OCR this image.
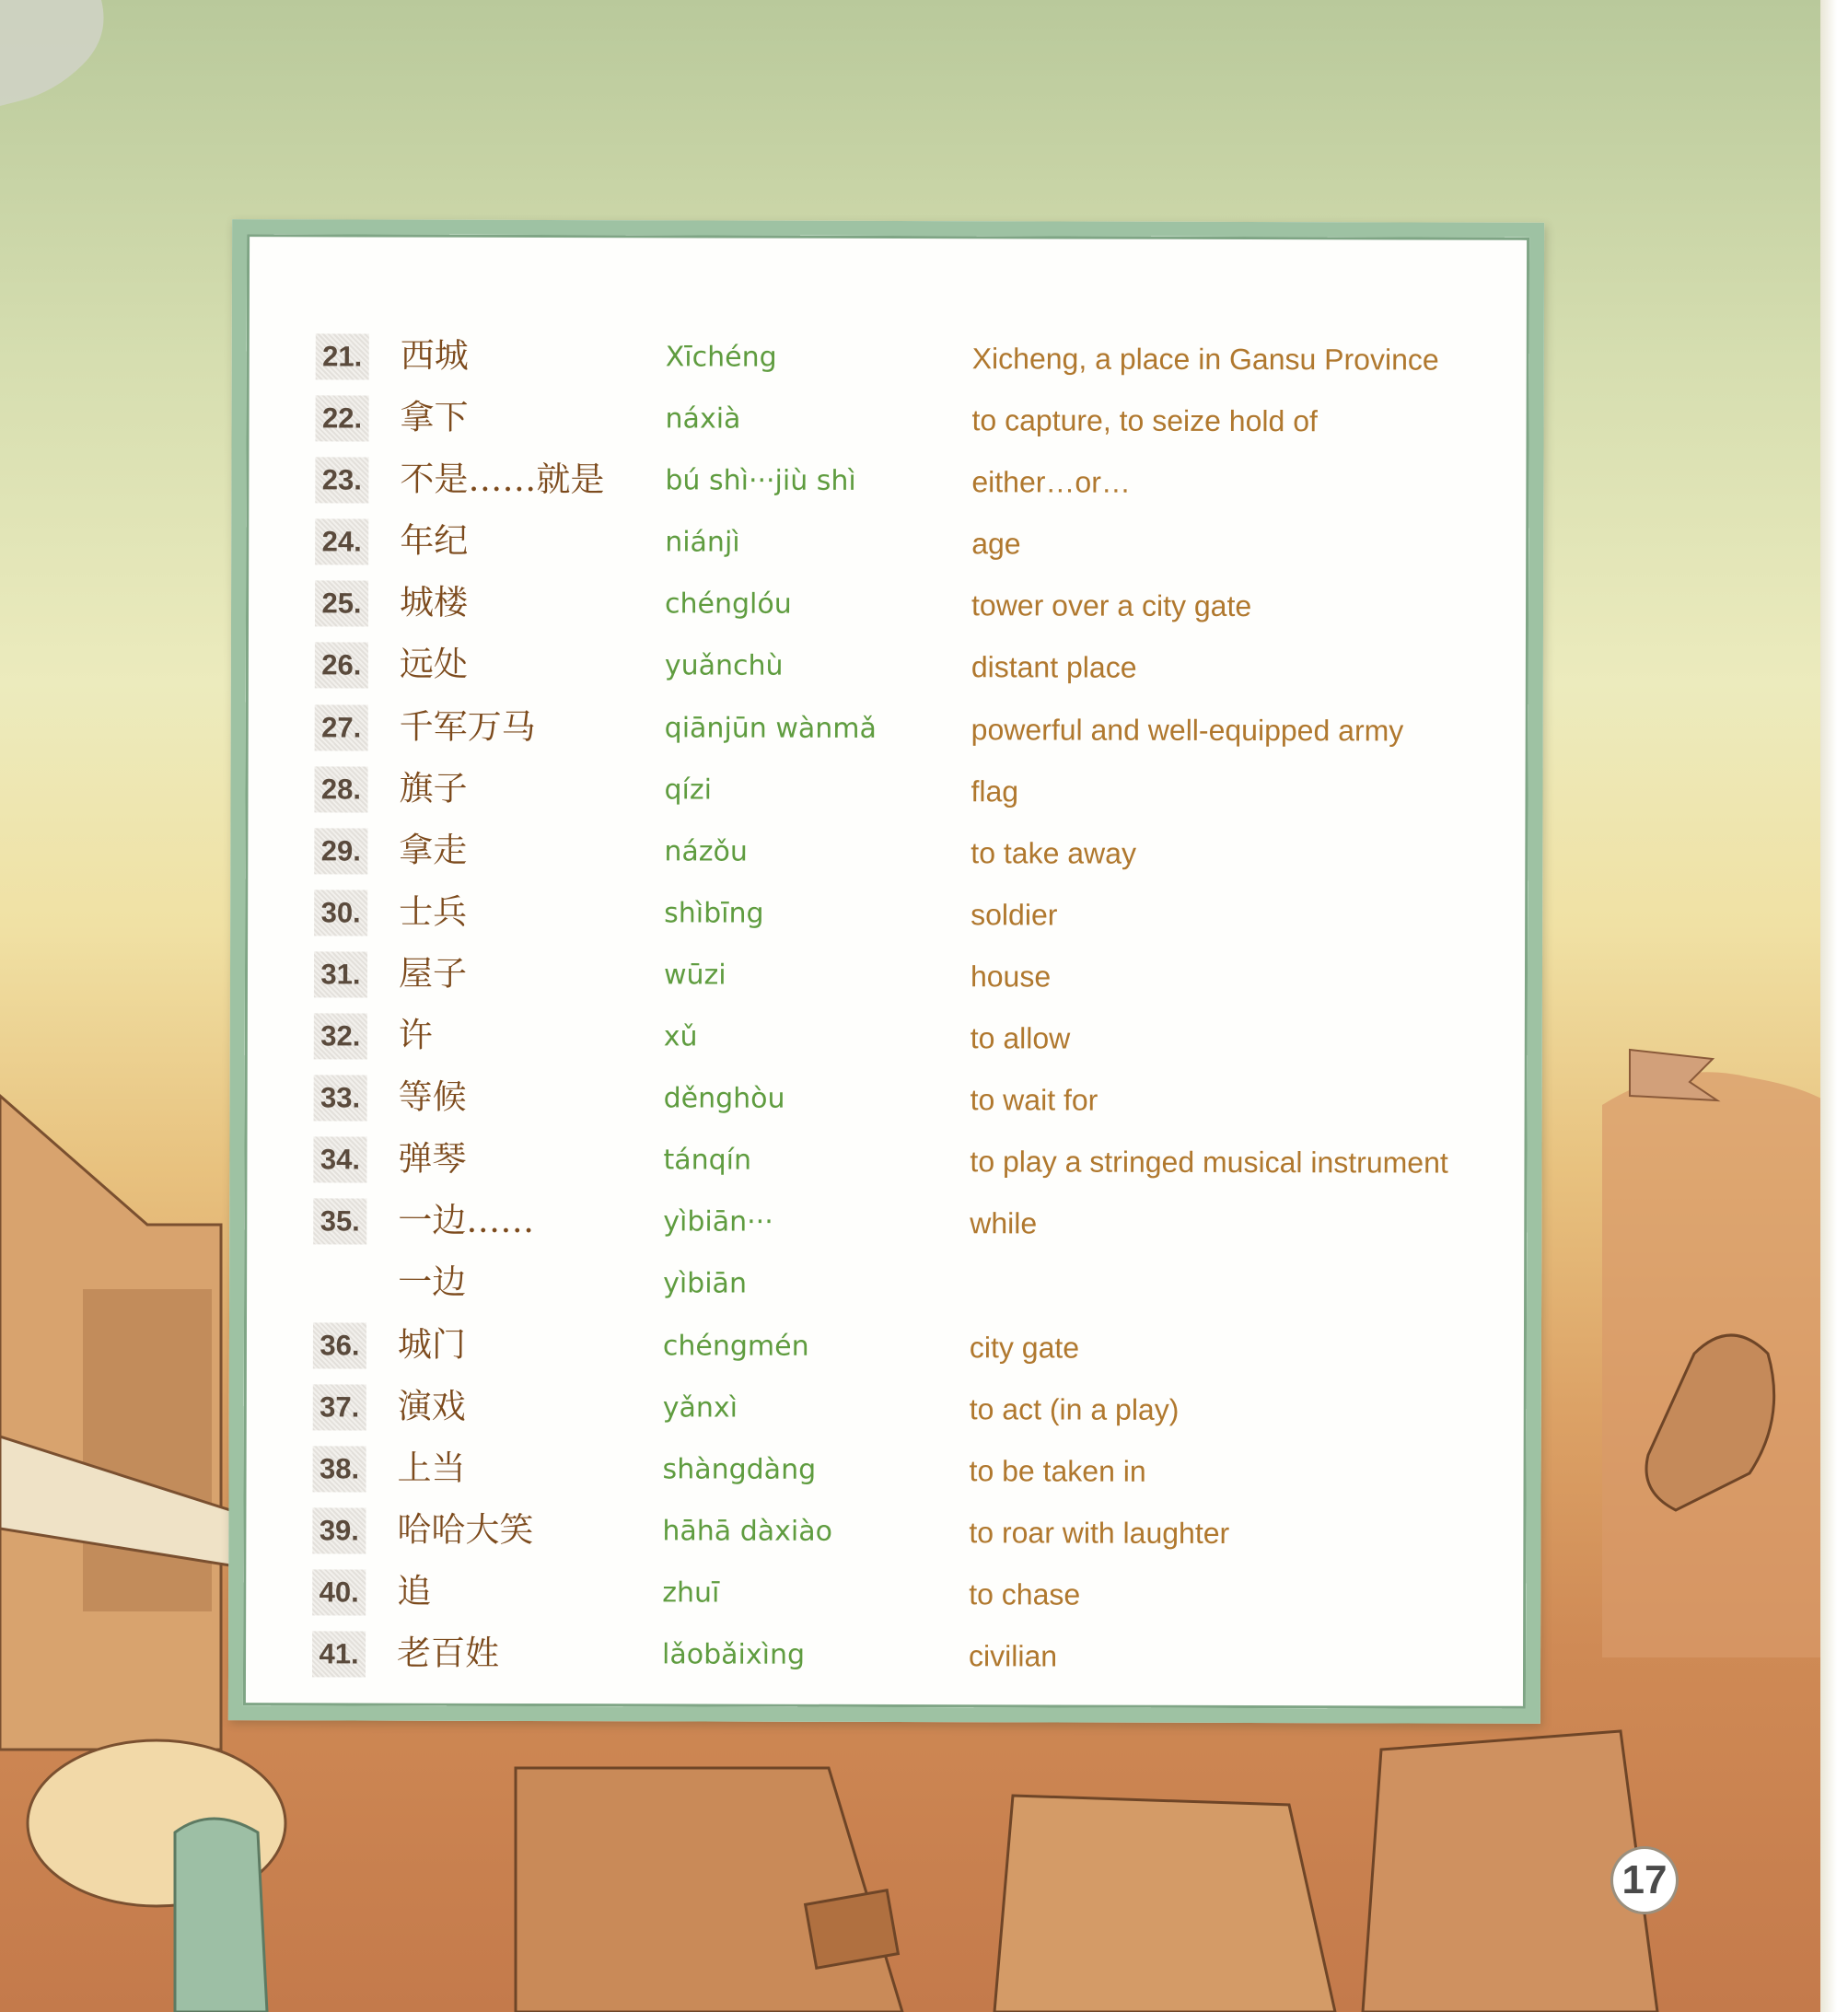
21. 西城	Xīchéng	Xicheng, a place in Gansu Province
22. 拿下	náxià	to capture, to seize hold of
23. 不是……就是 bú shì···jiù shì	either…or…
24. 年纪	niánjì	age
25. 城楼	chénglóu	tower over a city gate
26. 远处	yuǎnchù	distant place
27. 千军万马	qiānjūn wànmǎ	powerful and well-equipped army
28. 旗子	qízi	flag
29. 拿走	názǒu	to take away
30. 士兵	shìbīng	soldier
31. 屋子	wūzi	house
32. 许	xǔ	to allow
33. 等候	děnghòu	to wait for
34. 弹琴	tánqín	to play a stringed musical instrument
35. 一边……	yìbiān···	while
一边	yìbiān
36. 城门	chéngmén	city gate
37. 演戏	yǎnxì	to act (in a play)
38. 上当	shàngdàng	to be taken in
39. 哈哈大笑	hāhā dàxiào	to roar with laughter
40. 追	zhuī	to chase
41. 老百姓	lǎobǎixìng	civilian
17
